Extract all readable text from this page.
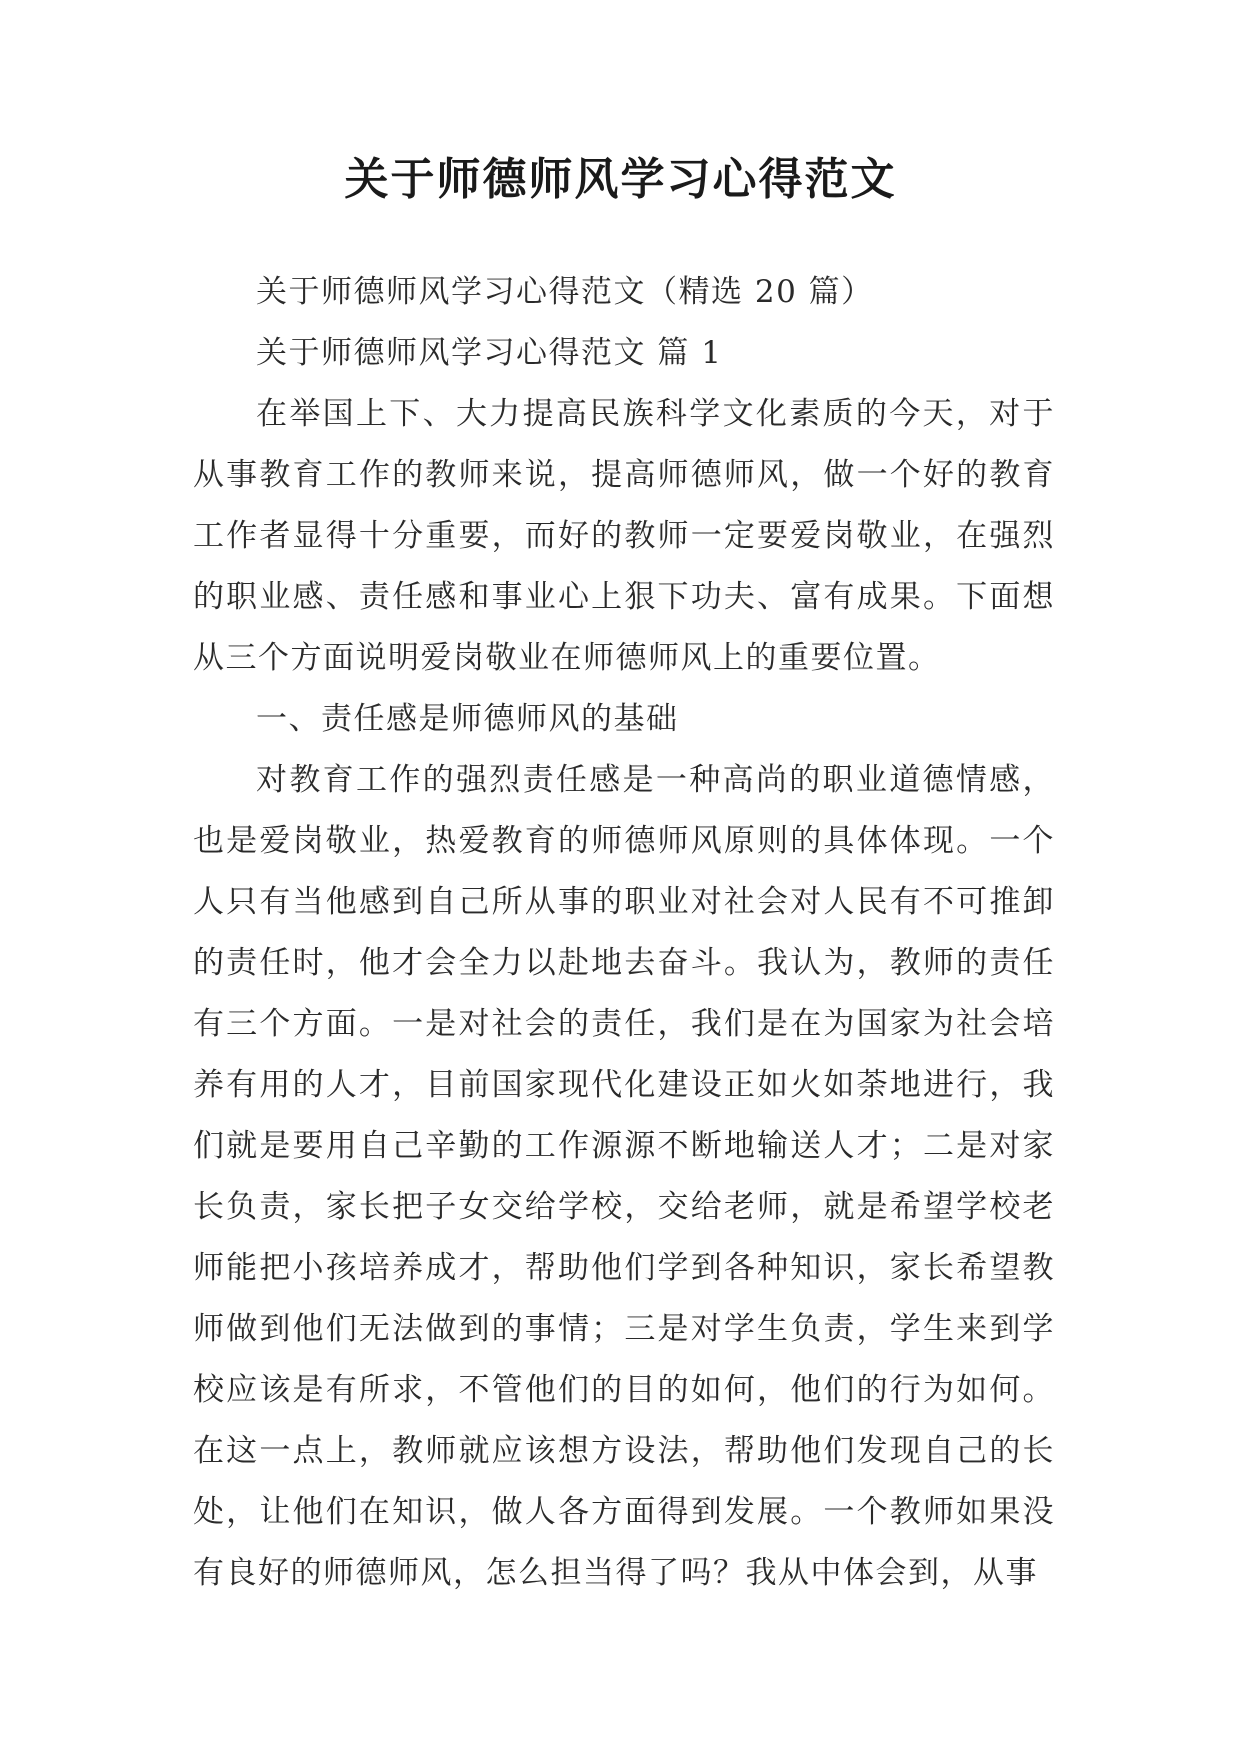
关于师德师风学习心得范文

关于师德师风学习心得范文（精选 20 篇）

关于师德师风学习心得范文 篇 1

在举国上下、大力提高民族科学文化素质的今天，对于从事教育工作的教师来说，提高师德师风，做一个好的教育工作者显得十分重要，而好的教师一定要爱岗敬业，在强烈的职业感、责任感和事业心上狠下功夫、富有成果。下面想从三个方面说明爱岗敬业在师德师风上的重要位置。

一、责任感是师德师风的基础

对教育工作的强烈责任感是一种高尚的职业道德情感，也是爱岗敬业，热爱教育的师德师风原则的具体体现。一个人只有当他感到自己所从事的职业对社会对人民有不可推卸的责任时，他才会全力以赴地去奋斗。我认为，教师的责任有三个方面。一是对社会的责任，我们是在为国家为社会培养有用的人才，目前国家现代化建设正如火如荼地进行，我们就是要用自己辛勤的工作源源不断地输送人才；二是对家长负责，家长把子女交给学校，交给老师，就是希望学校老师能把小孩培养成才，帮助他们学到各种知识，家长希望教师做到他们无法做到的事情；三是对学生负责，学生来到学校应该是有所求，不管他们的目的如何，他们的行为如何。在这一点上，教师就应该想方设法，帮助他们发现自己的长处，让他们在知识，做人各方面得到发展。一个教师如果没有良好的师德师风，怎么担当得了吗？我从中体会到，从事
